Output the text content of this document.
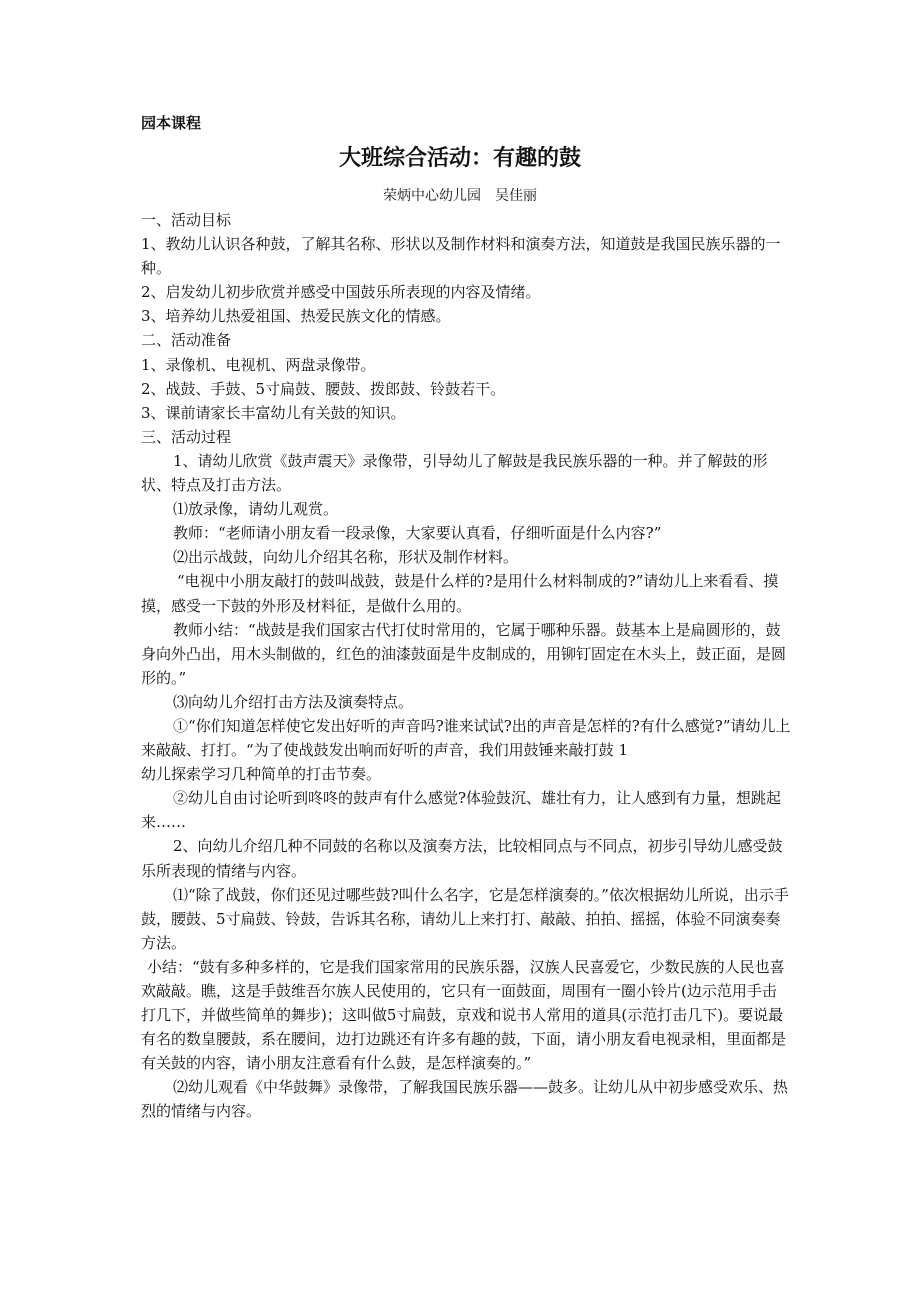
园本课程
大班综合活动：有趣的鼓
荣炳中心幼儿园　吴佳丽

一、活动目标

1、教幼儿认识各种鼓，了解其名称、形状以及制作材料和演奏方法，知道鼓是我国民族乐器的一种。

2、启发幼儿初步欣赏并感受中国鼓乐所表现的内容及情绪。

3、培养幼儿热爱祖国、热爱民族文化的情感。

二、活动准备

1、录像机、电视机、两盘录像带。

2、战鼓、手鼓、5寸扁鼓、腰鼓、拨郎鼓、铃鼓若干。

3、课前请家长丰富幼儿有关鼓的知识。

三、活动过程

1、请幼儿欣赏《鼓声震天》录像带，引导幼儿了解鼓是我民族乐器的一种。并了解鼓的形状、特点及打击方法。

⑴放录像，请幼儿观赏。

教师：“老师请小朋友看一段录像，大家要认真看，仔细听面是什么内容?”

⑵出示战鼓，向幼儿介绍其名称，形状及制作材料。

“电视中小朋友敲打的鼓叫战鼓，鼓是什么样的?是用什么材料制成的?”请幼儿上来看看、摸摸，感受一下鼓的外形及材料征，是做什么用的。

教师小结：“战鼓是我们国家古代打仗时常用的，它属于哪种乐器。鼓基本上是扁圆形的，鼓身向外凸出，用木头制做的，红色的油漆鼓面是牛皮制成的，用铆钉固定在木头上，鼓正面，是圆形的。”

⑶向幼儿介绍打击方法及演奏特点。

①“你们知道怎样使它发出好听的声音吗?谁来试试?出的声音是怎样的?有什么感觉?”请幼儿上来敲敲、打打。“为了使战鼓发出响而好听的声音，我们用鼓锤来敲打鼓 1

幼儿探索学习几种简单的打击节奏。

②幼儿自由讨论听到咚咚的鼓声有什么感觉?体验鼓沉、雄壮有力，让人感到有力量，想跳起来……

2、向幼儿介绍几种不同鼓的名称以及演奏方法，比较相同点与不同点，初步引导幼儿感受鼓乐所表现的情绪与内容。

⑴“除了战鼓，你们还见过哪些鼓?叫什么名字，它是怎样演奏的。”依次根据幼儿所说，出示手鼓，腰鼓、5寸扁鼓、铃鼓，告诉其名称，请幼儿上来打打、敲敲、拍拍、摇摇，体验不同演奏奏方法。

小结：“鼓有多种多样的，它是我们国家常用的民族乐器，汉族人民喜爱它，少数民族的人民也喜欢敲敲。瞧，这是手鼓维吾尔族人民使用的，它只有一面鼓面，周围有一圈小铃片(边示范用手击打几下，并做些简单的舞步)；这叫做5寸扁鼓，京戏和说书人常用的道具(示范打击几下)。要说最有名的数皇腰鼓，系在腰间，边打边跳还有许多有趣的鼓，下面，请小朋友看电视录相，里面都是有关鼓的内容，请小朋友注意看有什么鼓，是怎样演奏的。”

⑵幼儿观看《中华鼓舞》录像带，了解我国民族乐器——鼓多。让幼儿从中初步感受欢乐、热烈的情绪与内容。
